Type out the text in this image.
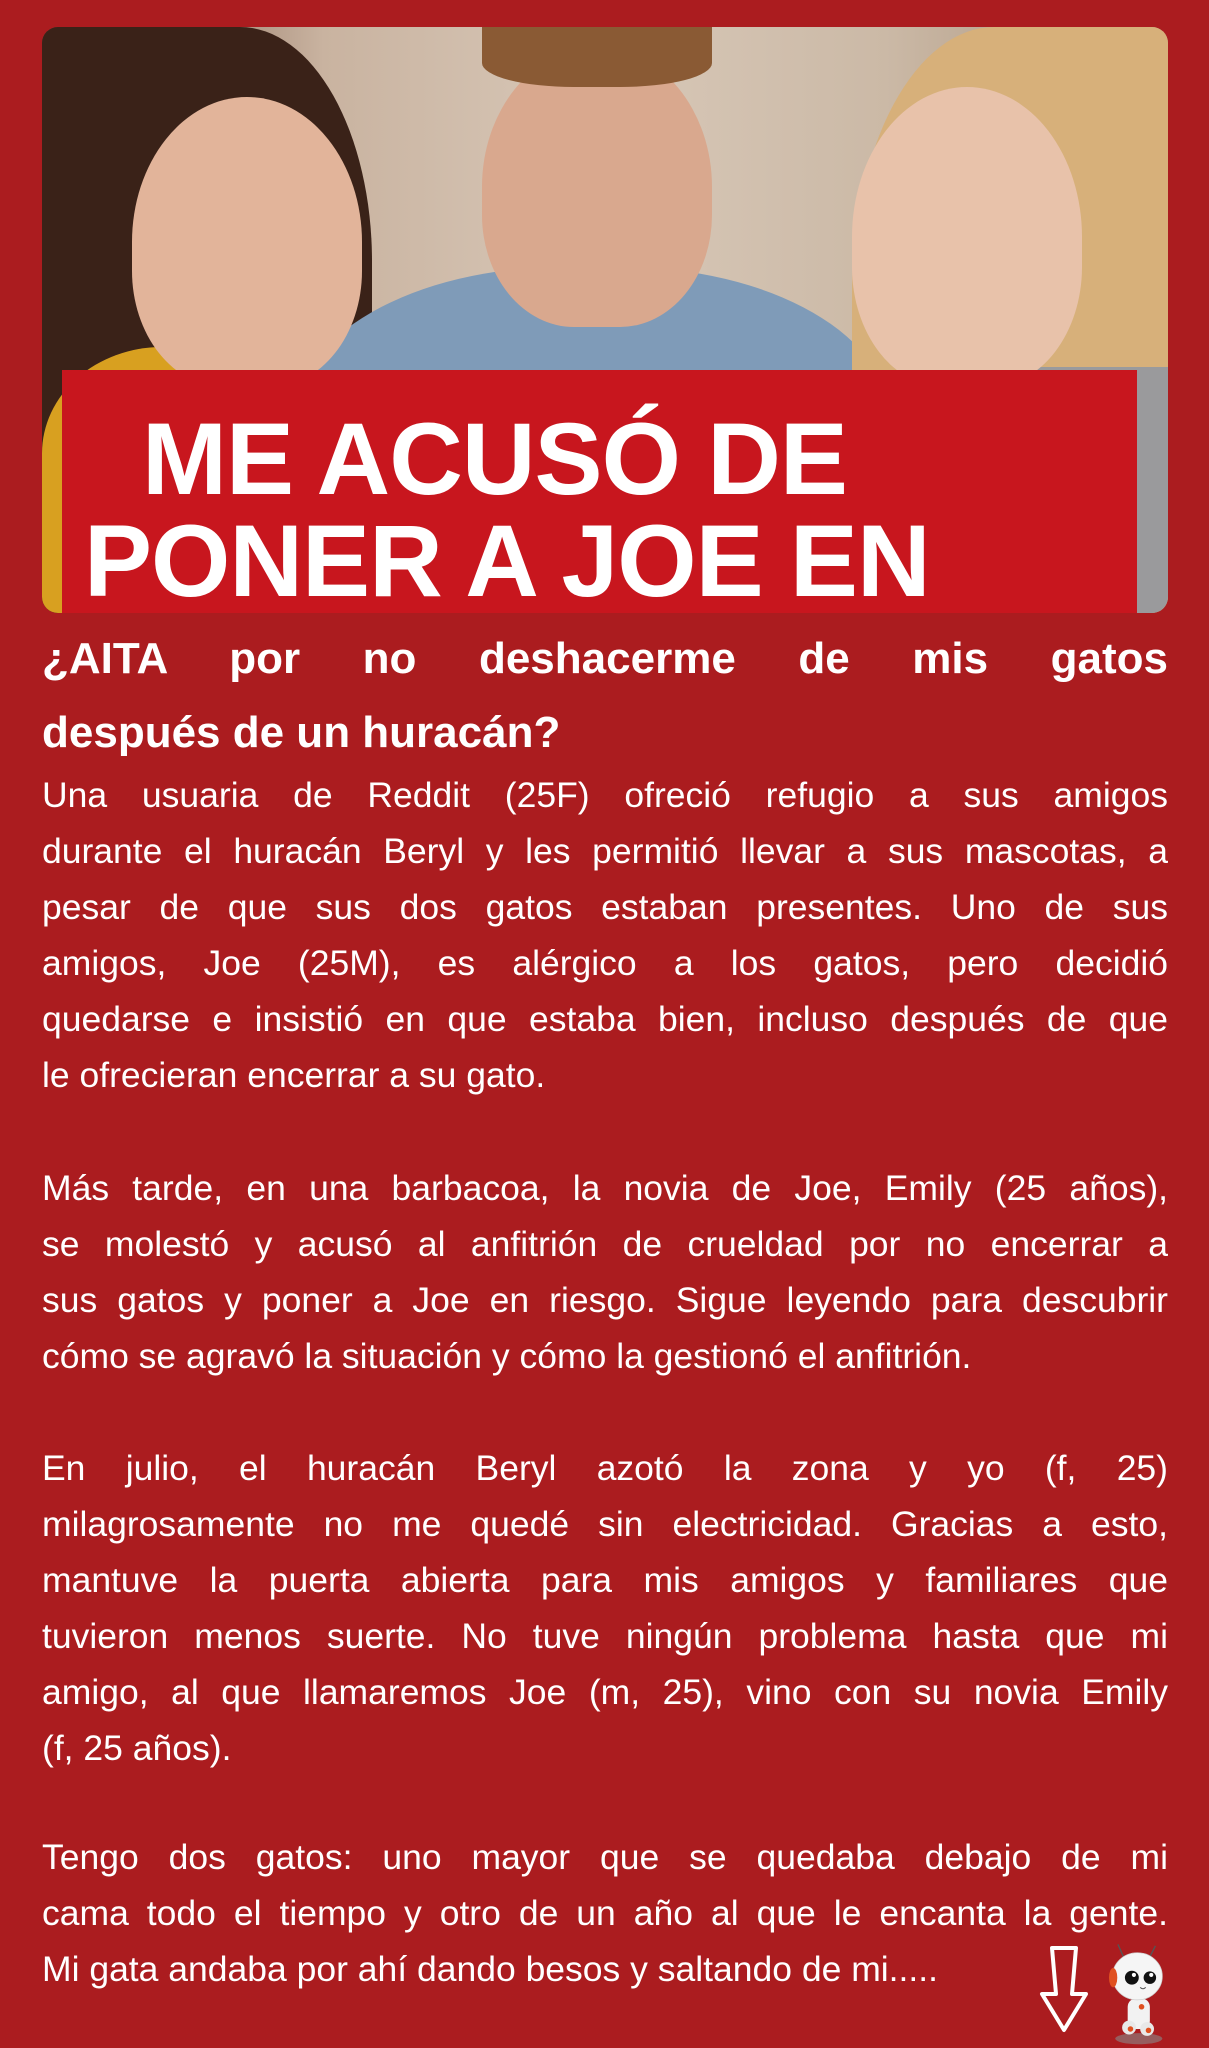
ME ACUSÓ DE
PONER A JOE EN
¿AITA por no deshacerme de mis gatos
después de un huracán?
Una usuaria de Reddit (25F) ofreció refugio a sus amigos
durante el huracán Beryl y les permitió llevar a sus mascotas, a
pesar de que sus dos gatos estaban presentes. Uno de sus
amigos, Joe (25M), es alérgico a los gatos, pero decidió
quedarse e insistió en que estaba bien, incluso después de que
le ofrecieran encerrar a su gato.
Más tarde, en una barbacoa, la novia de Joe, Emily (25 años),
se molestó y acusó al anfitrión de crueldad por no encerrar a
sus gatos y poner a Joe en riesgo. Sigue leyendo para descubrir
cómo se agravó la situación y cómo la gestionó el anfitrión.
En julio, el huracán Beryl azotó la zona y yo (f, 25)
milagrosamente no me quedé sin electricidad. Gracias a esto,
mantuve la puerta abierta para mis amigos y familiares que
tuvieron menos suerte. No tuve ningún problema hasta que mi
amigo, al que llamaremos Joe (m, 25), vino con su novia Emily
(f, 25 años).
Tengo dos gatos: uno mayor que se quedaba debajo de mi
cama todo el tiempo y otro de un año al que le encanta la gente.
Mi gata andaba por ahí dando besos y saltando de mi.....
